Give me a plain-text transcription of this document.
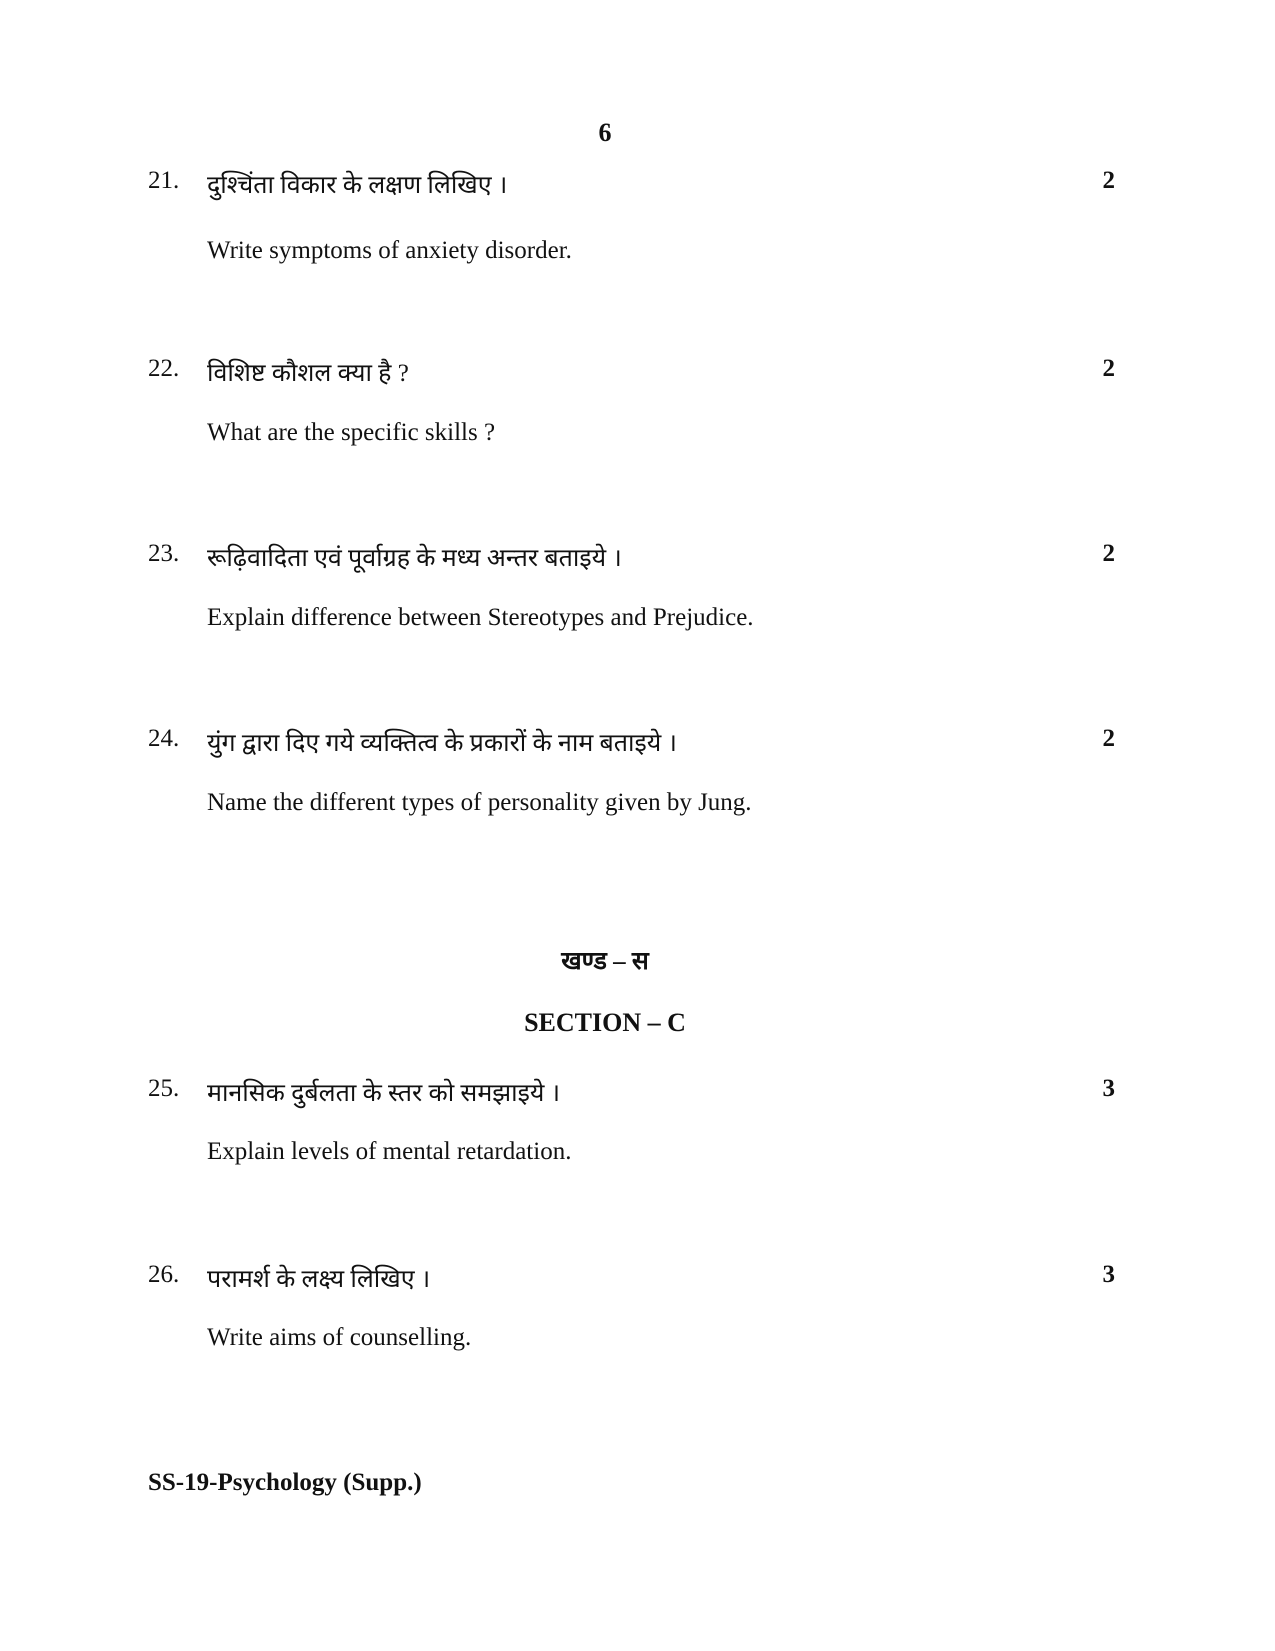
6
21. दुश्चिंता विकार के लक्षण लिखिए ।	2
Write symptoms of anxiety disorder.
22. विशिष्ट कौशल क्या है ?	2
What are the specific skills ?
23. रूढ़िवादिता एवं पूर्वाग्रह के मध्य अन्तर बताइये ।	2
Explain difference between Stereotypes and Prejudice.
24. युंग द्वारा दिए गये व्यक्तित्व के प्रकारों के नाम बताइये ।	2
Name the different types of personality given by Jung.
खण्ड – स
SECTION – C
25. मानसिक दुर्बलता के स्तर को समझाइये ।	3
Explain levels of mental retardation.
26. परामर्श के लक्ष्य लिखिए ।	3
Write aims of counselling.
SS-19-Psychology (Supp.)
